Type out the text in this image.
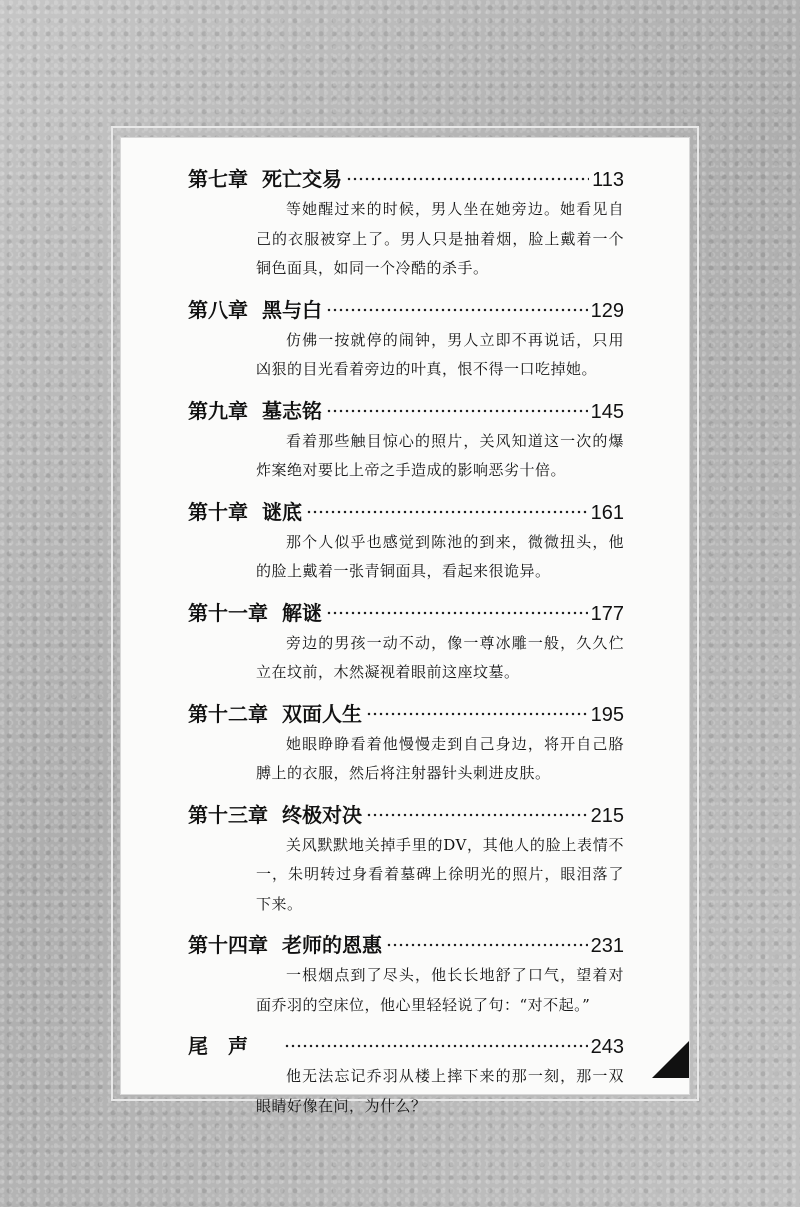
第七章 死亡交易	113

等她醒过来的时候，男人坐在她旁边。她看见自己的衣服被穿上了。男人只是抽着烟，脸上戴着一个铜色面具，如同一个冷酷的杀手。

第八章 黑与白	129

仿佛一按就停的闹钟，男人立即不再说话，只用凶狠的目光看着旁边的叶真，恨不得一口吃掉她。

第九章 墓志铭	145

看着那些触目惊心的照片，关风知道这一次的爆炸案绝对要比上帝之手造成的影响恶劣十倍。

第十章 谜底	161

那个人似乎也感觉到陈池的到来，微微扭头，他的脸上戴着一张青铜面具，看起来很诡异。

第十一章 解谜	177

旁边的男孩一动不动，像一尊冰雕一般，久久伫立在坟前，木然凝视着眼前这座坟墓。

第十二章 双面人生	195

她眼睁睁看着他慢慢走到自己身边，将开自己胳膊上的衣服，然后将注射器针头刺进皮肤。

第十三章 终极对决	215

关风默默地关掉手里的DV，其他人的脸上表情不一，朱明转过身看着墓碑上徐明光的照片，眼泪落了下来。

第十四章 老师的恩惠	231

一根烟点到了尽头，他长长地舒了口气，望着对面乔羽的空床位，他心里轻轻说了句：“对不起。”

尾声	243

他无法忘记乔羽从楼上摔下来的那一刻，那一双眼睛好像在问，为什么？
